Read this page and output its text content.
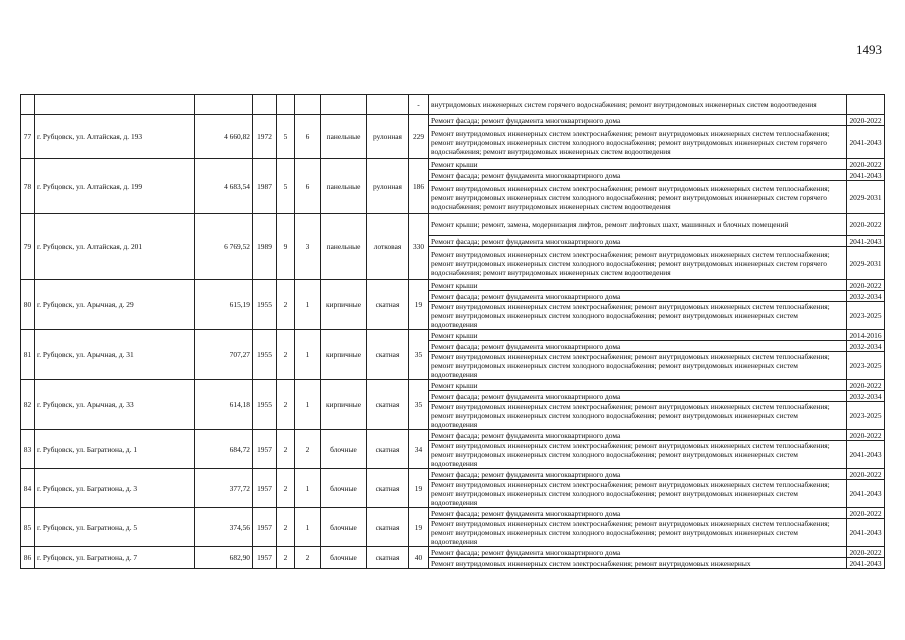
1493
								-	внутридомовых инженерных систем горячего водоснабжения; ремонт внутридомовых инженерных систем водоотведения	
77	г. Рубцовск, ул. Алтайская, д. 193	4 660,82	1972	5	6	панельные	рулонная	229	Ремонт фасада; ремонт фундамента многоквартирного дома	2020-2022
									Ремонт внутридомовых инженерных систем электроснабжения; ремонт внутридомовых инженерных систем теплоснабжения; ремонт внутридомовых инженерных систем холодного водоснабжения; ремонт внутридомовых инженерных систем горячего водоснабжения; ремонт внутридомовых инженерных систем водоотведения	2041-2043
78	г. Рубцовск, ул. Алтайская, д. 199	4 683,54	1987	5	6	панельные	рулонная	186	Ремонт крыши	2020-2022
									Ремонт фасада; ремонт фундамента многоквартирного дома	2041-2043
									Ремонт внутридомовых инженерных систем электроснабжения; ремонт внутридомовых инженерных систем теплоснабжения; ремонт внутридомовых инженерных систем холодного водоснабжения; ремонт внутридомовых инженерных систем горячего водоснабжения; ремонт внутридомовых инженерных систем водоотведения	2029-2031
79	г. Рубцовск, ул. Алтайская, д. 201	6 769,52	1989	9	3	панельные	лотковая	330	Ремонт крыши; ремонт, замена, модернизация лифтов, ремонт лифтовых шахт, машинных и блочных помещений	2020-2022
									Ремонт фасада; ремонт фундамента многоквартирного дома	2041-2043
									Ремонт внутридомовых инженерных систем электроснабжения; ремонт внутридомовых инженерных систем теплоснабжения; ремонт внутридомовых инженерных систем холодного водоснабжения; ремонт внутридомовых инженерных систем горячего водоснабжения; ремонт внутридомовых инженерных систем водоотведения	2029-2031
80	г. Рубцовск, ул. Арычная, д. 29	615,19	1955	2	1	кирпичные	скатная	19	Ремонт крыши	2020-2022
									Ремонт фасада; ремонт фундамента многоквартирного дома	2032-2034
									Ремонт внутридомовых инженерных систем электроснабжения; ремонт внутридомовых инженерных систем теплоснабжения; ремонт внутридомовых инженерных систем холодного водоснабжения; ремонт внутридомовых инженерных систем водоотведения	2023-2025
81	г. Рубцовск, ул. Арычная, д. 31	707,27	1955	2	1	кирпичные	скатная	35	Ремонт крыши	2014-2016
									Ремонт фасада; ремонт фундамента многоквартирного дома	2032-2034
									Ремонт внутридомовых инженерных систем электроснабжения; ремонт внутридомовых инженерных систем теплоснабжения; ремонт внутридомовых инженерных систем холодного водоснабжения; ремонт внутридомовых инженерных систем водоотведения	2023-2025
82	г. Рубцовск, ул. Арычная, д. 33	614,18	1955	2	1	кирпичные	скатная	35	Ремонт крыши	2020-2022
									Ремонт фасада; ремонт фундамента многоквартирного дома	2032-2034
									Ремонт внутридомовых инженерных систем электроснабжения; ремонт внутридомовых инженерных систем теплоснабжения; ремонт внутридомовых инженерных систем холодного водоснабжения; ремонт внутридомовых инженерных систем водоотведения	2023-2025
83	г. Рубцовск, ул. Багратиона, д. 1	684,72	1957	2	2	блочные	скатная	34	Ремонт фасада; ремонт фундамента многоквартирного дома	2020-2022
									Ремонт внутридомовых инженерных систем электроснабжения; ремонт внутридомовых инженерных систем теплоснабжения; ремонт внутридомовых инженерных систем холодного водоснабжения; ремонт внутридомовых инженерных систем водоотведения	2041-2043
84	г. Рубцовск, ул. Багратиона, д. 3	377,72	1957	2	1	блочные	скатная	19	Ремонт фасада; ремонт фундамента многоквартирного дома	2020-2022
									Ремонт внутридомовых инженерных систем электроснабжения; ремонт внутридомовых инженерных систем теплоснабжения; ремонт внутридомовых инженерных систем холодного водоснабжения; ремонт внутридомовых инженерных систем водоотведения	2041-2043
85	г. Рубцовск, ул. Багратиона, д. 5	374,56	1957	2	1	блочные	скатная	19	Ремонт фасада; ремонт фундамента многоквартирного дома	2020-2022
									Ремонт внутридомовых инженерных систем электроснабжения; ремонт внутридомовых инженерных систем теплоснабжения; ремонт внутридомовых инженерных систем холодного водоснабжения; ремонт внутридомовых инженерных систем водоотведения	2041-2043
86	г. Рубцовск, ул. Багратиона, д. 7	682,90	1957	2	2	блочные	скатная	40	Ремонт фасада; ремонт фундамента многоквартирного дома	2020-2022
									Ремонт внутридомовых инженерных систем электроснабжения; ремонт внутридомовых инженерных	2041-2043
